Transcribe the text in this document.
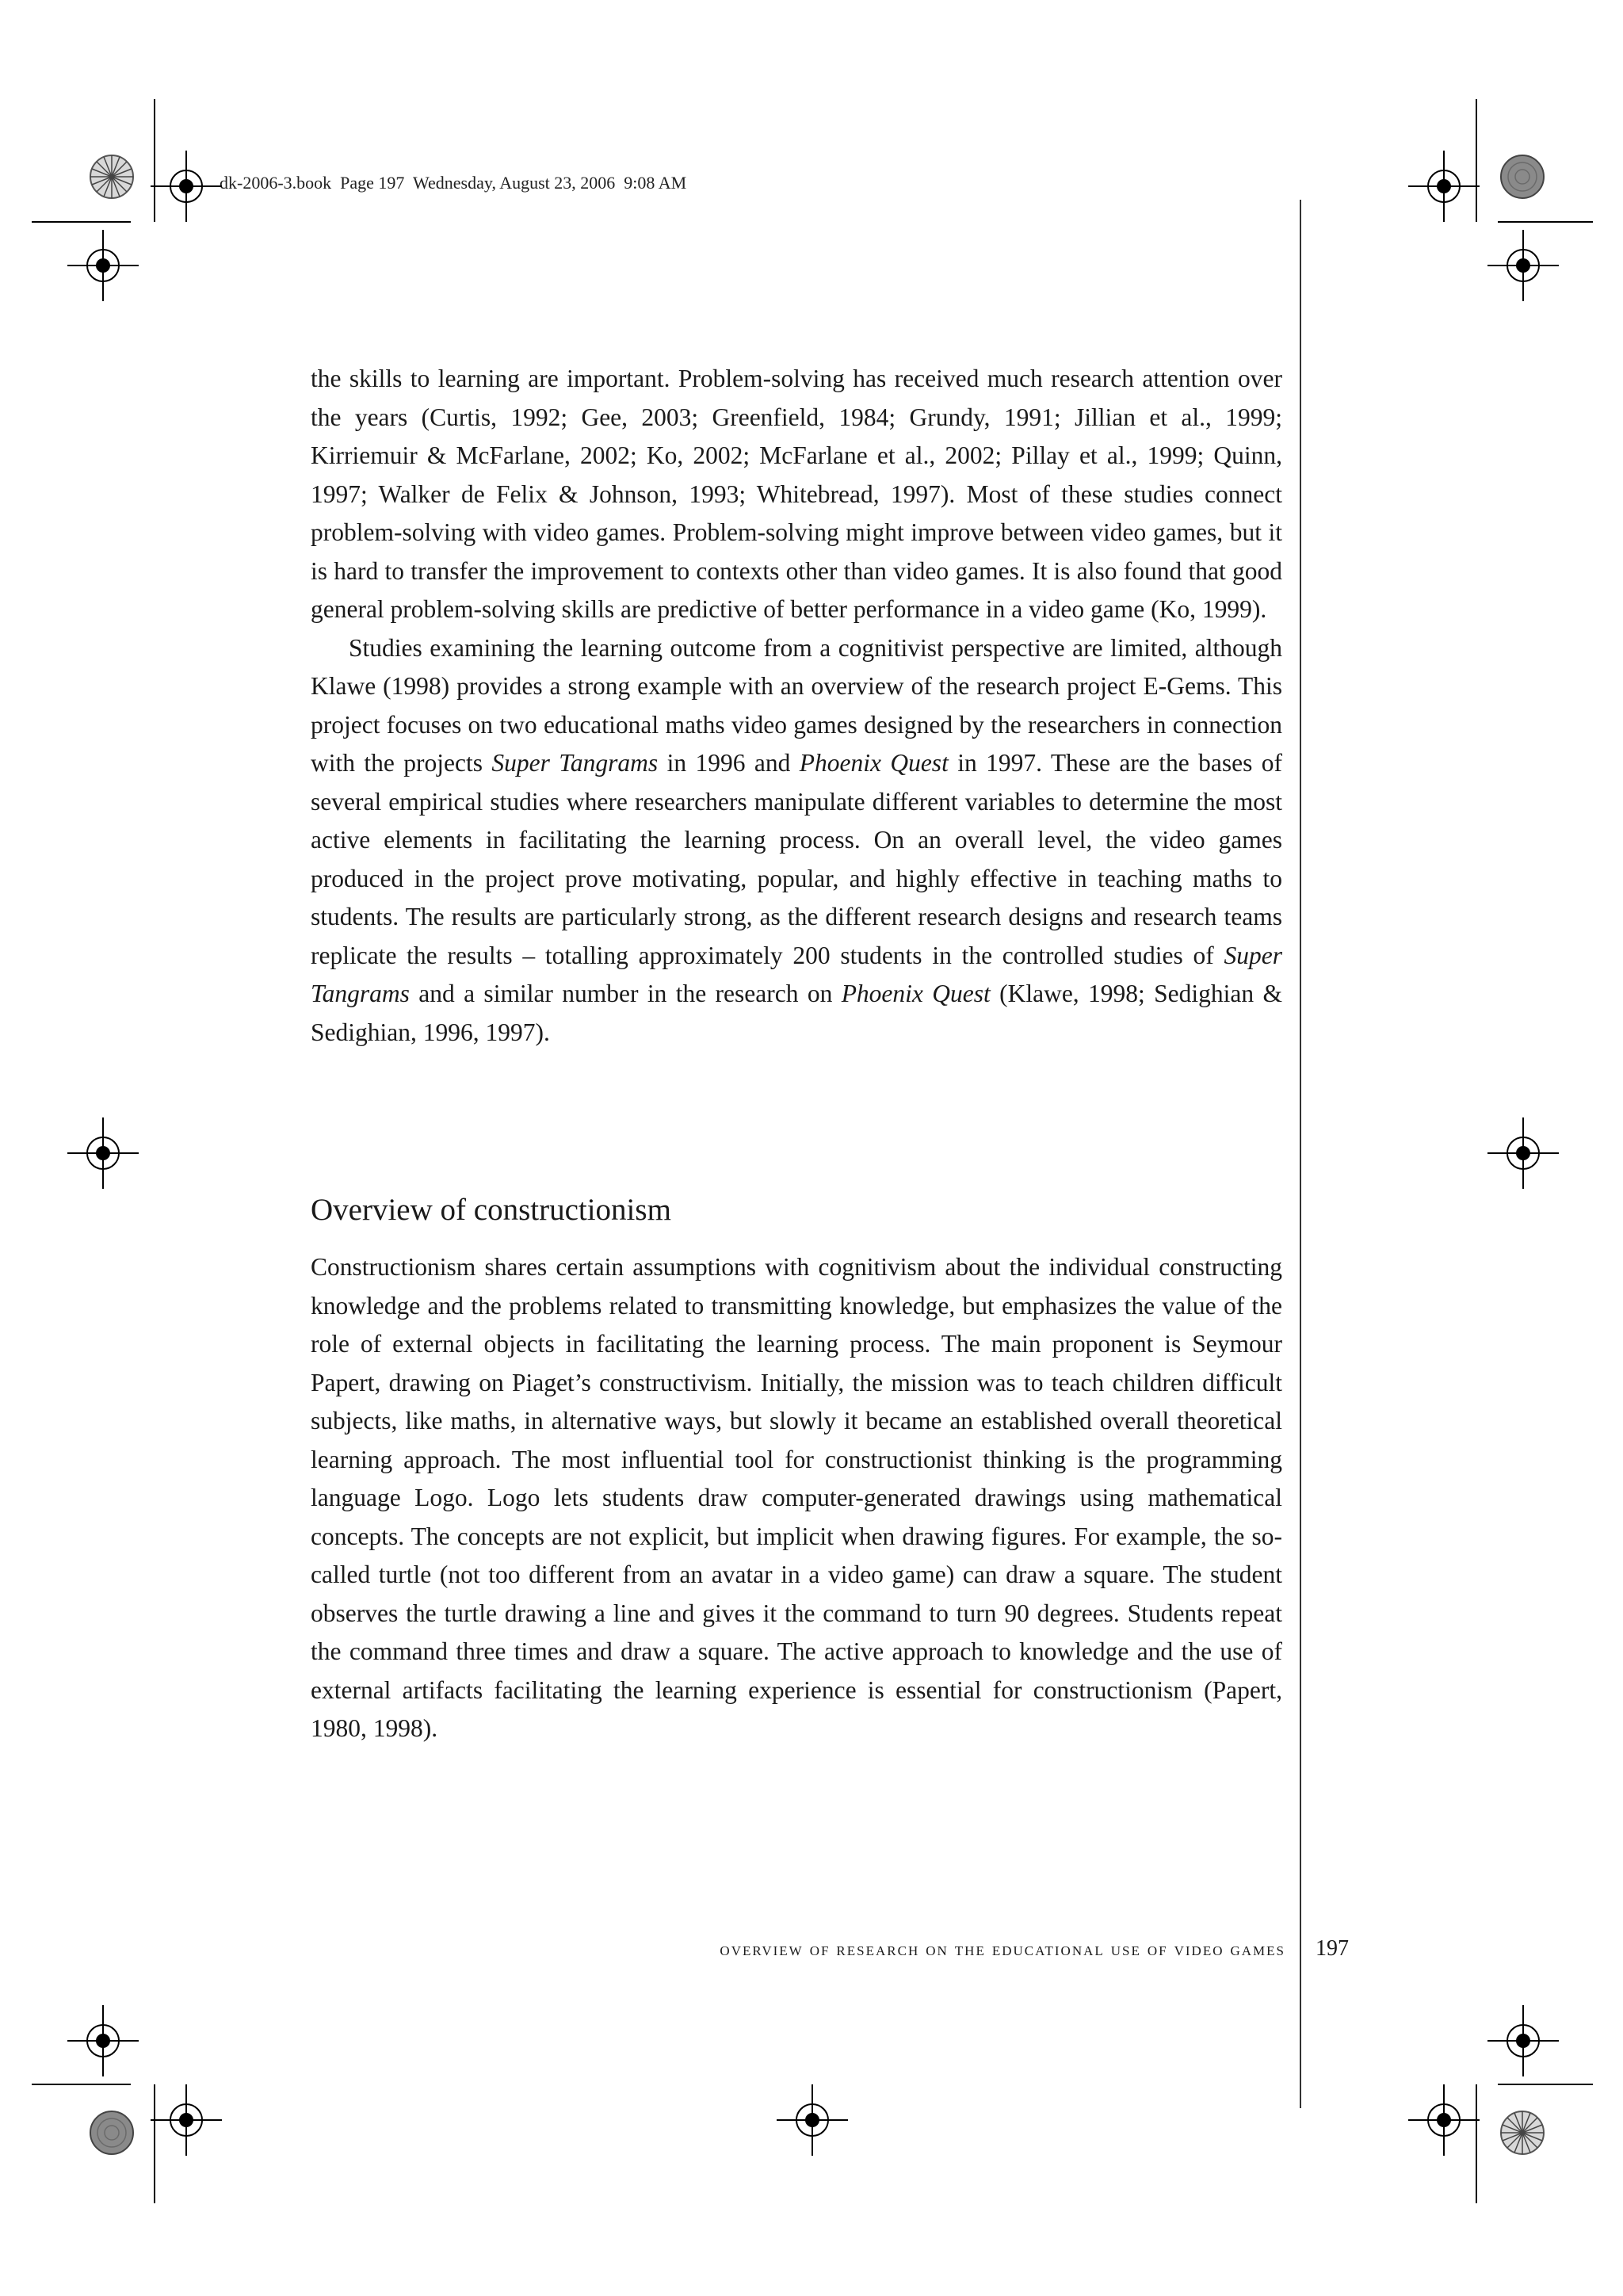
dk-2006-3.book  Page 197  Wednesday, August 23, 2006  9:08 AM

the skills to learning are important. Problem-solving has received much research attention over the years (Curtis, 1992; Gee, 2003; Greenfield, 1984; Grundy, 1991; Jillian et al., 1999; Kirriemuir & McFarlane, 2002; Ko, 2002; McFarlane et al., 2002; Pillay et al., 1999; Quinn, 1997; Walker de Felix & Johnson, 1993; Whitebread, 1997). Most of these studies connect problem-solving with video games. Problem-solving might improve between video games, but it is hard to transfer the improvement to contexts other than video games. It is also found that good general problem-solving skills are predictive of better performance in a video game (Ko, 1999).

Studies examining the learning outcome from a cognitivist perspective are limited, although Klawe (1998) provides a strong example with an overview of the research project E-Gems. This project focuses on two educational maths video games designed by the researchers in connection with the projects Super Tangrams in 1996 and Phoenix Quest in 1997. These are the bases of several empirical studies where researchers manipulate different variables to determine the most active elements in facilitating the learning process. On an overall level, the video games produced in the project prove motivating, popular, and highly effective in teaching maths to students. The results are particularly strong, as the different research designs and research teams replicate the results – totalling approximately 200 students in the controlled studies of Super Tangrams and a similar number in the research on Phoenix Quest (Klawe, 1998; Sedighian & Sedighian, 1996, 1997).

Overview of constructionism

Constructionism shares certain assumptions with cognitivism about the individual constructing knowledge and the problems related to transmitting knowledge, but emphasizes the value of the role of external objects in facilitating the learning process. The main proponent is Seymour Papert, drawing on Piaget’s constructivism. Initially, the mission was to teach children difficult subjects, like maths, in alternative ways, but slowly it became an established overall theoretical learning approach. The most influential tool for constructionist thinking is the programming language Logo. Logo lets students draw computer-generated drawings using mathematical concepts. The concepts are not explicit, but implicit when drawing figures. For example, the so-called turtle (not too different from an avatar in a video game) can draw a square. The student observes the turtle drawing a line and gives it the command to turn 90 degrees. Students repeat the command three times and draw a square. The active approach to knowledge and the use of external artifacts facilitating the learning experience is essential for constructionism (Papert, 1980, 1998).

overview of research on the educational use of video games 197
